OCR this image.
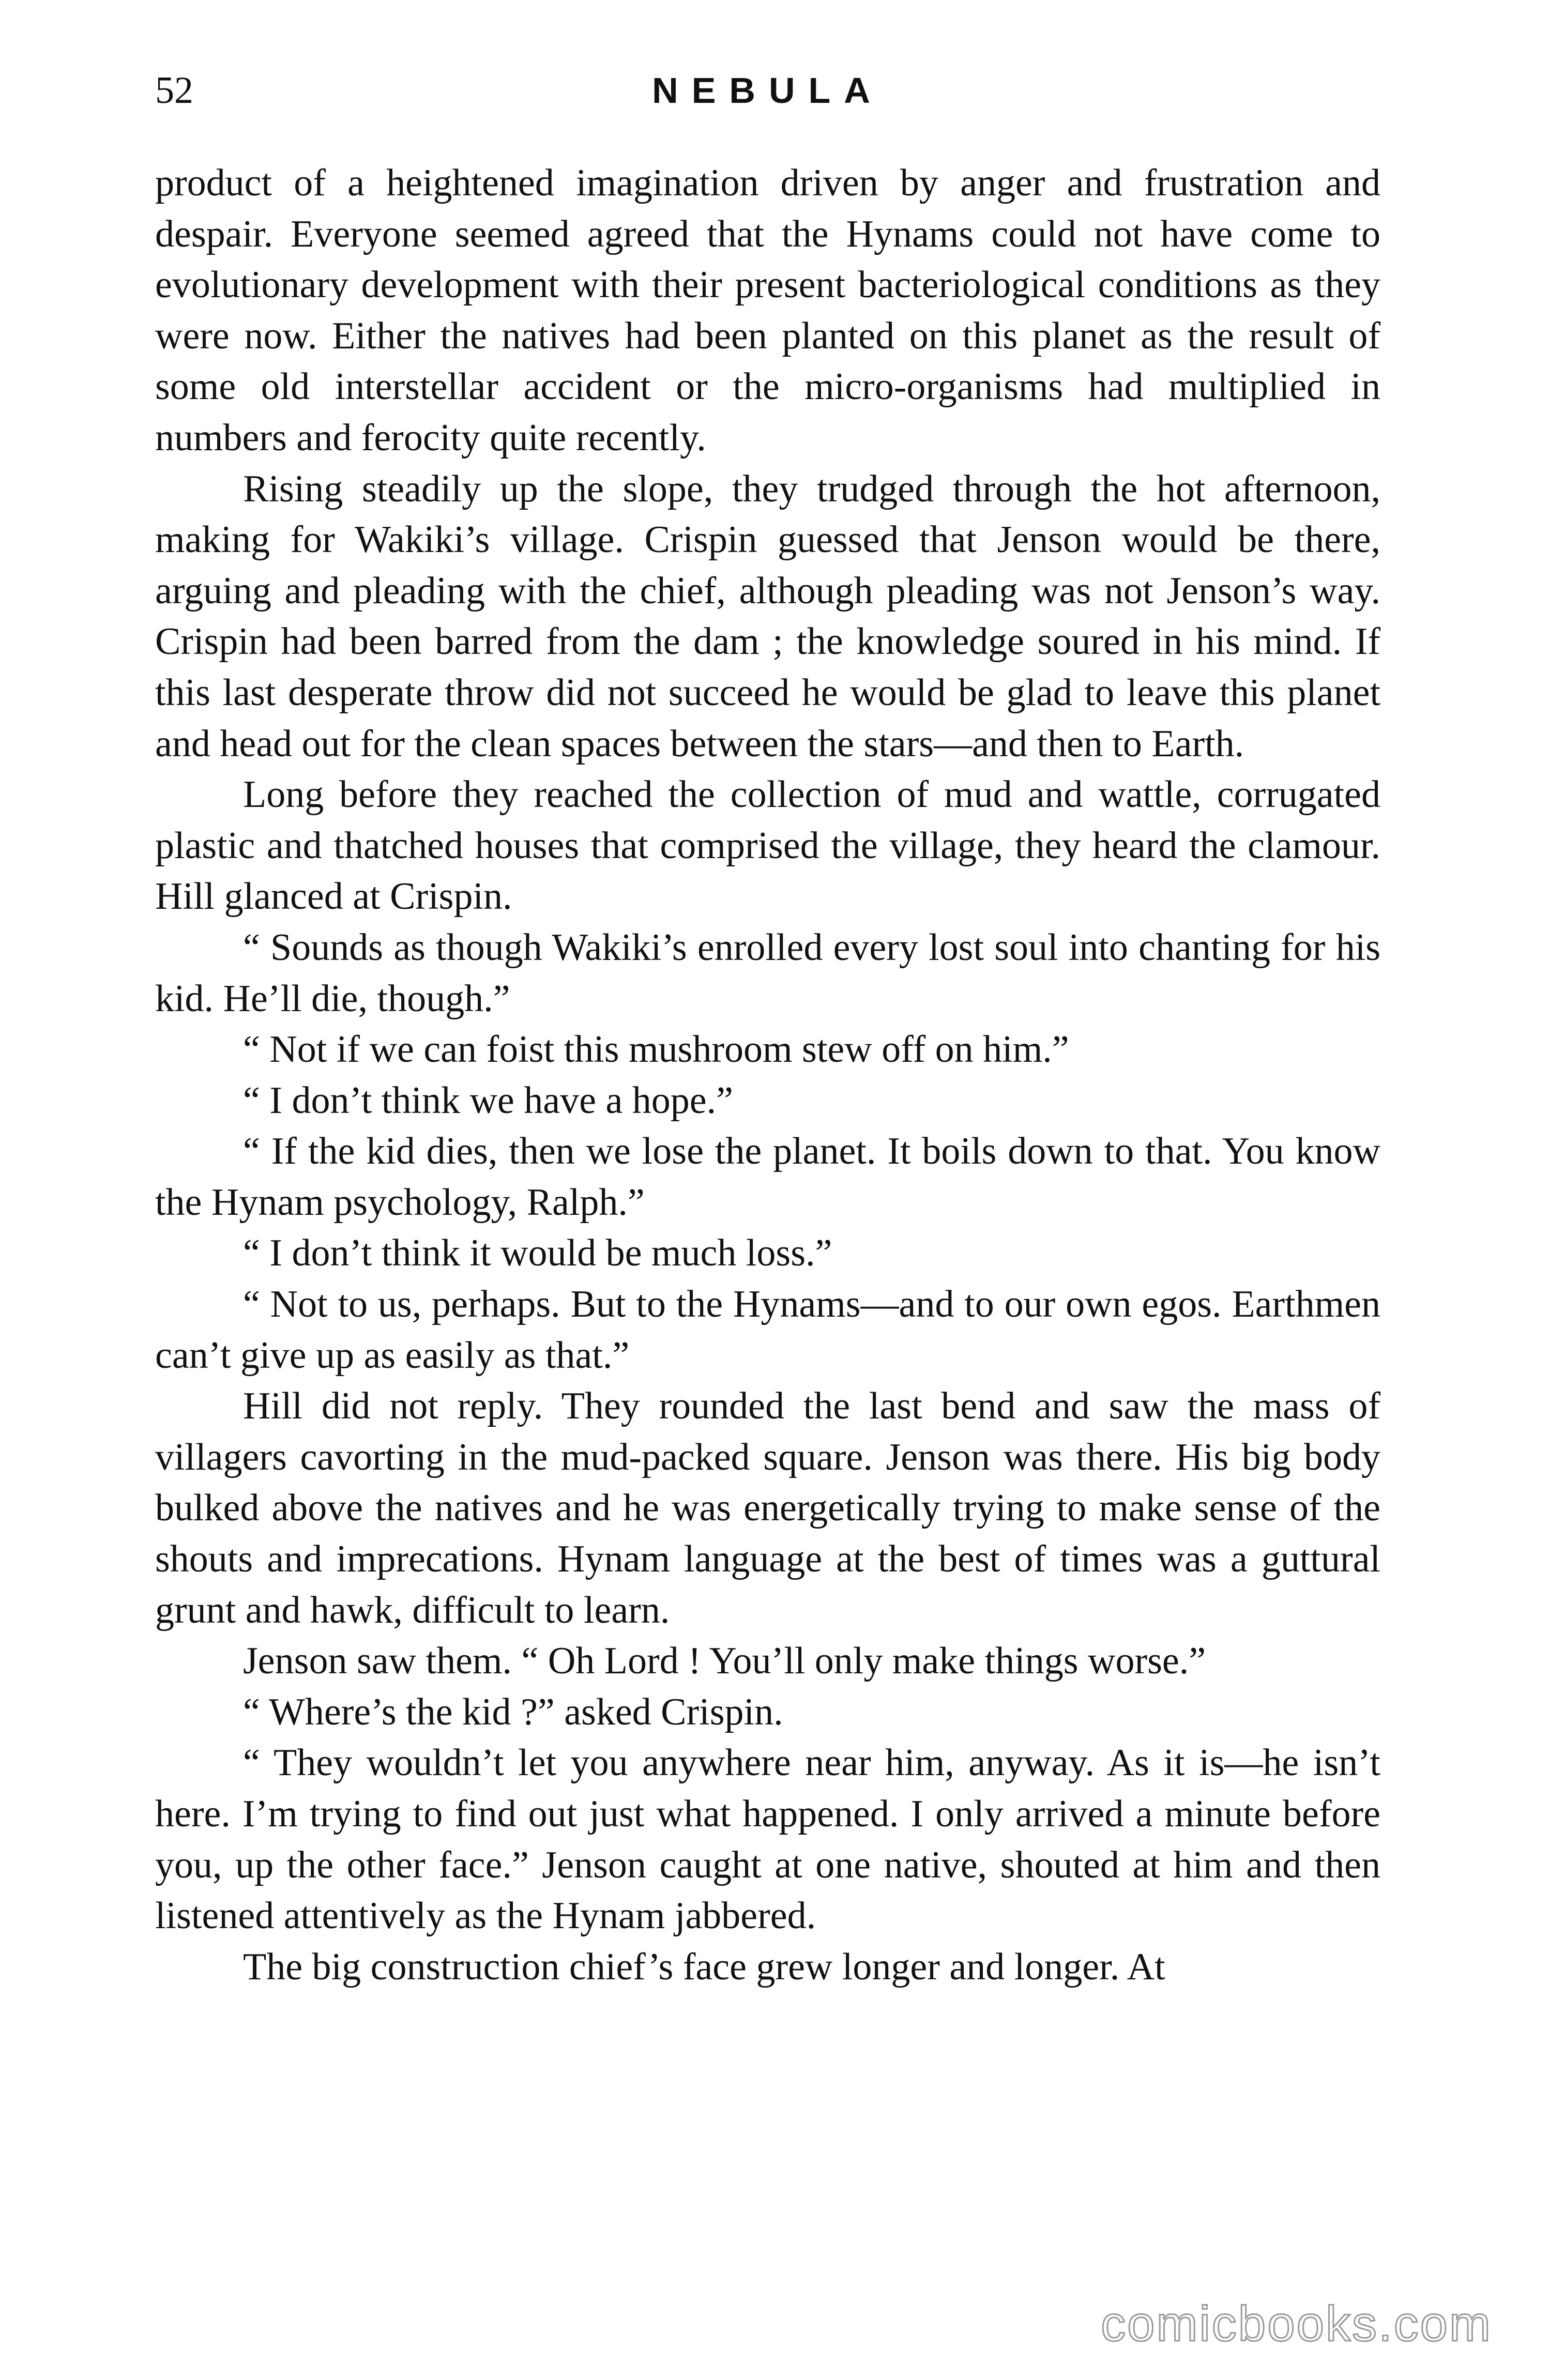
52	NEBULA

product of a heightened imagination driven by anger and frustration and despair. Everyone seemed agreed that the Hynams could not have come to evolutionary development with their present bacteriological conditions as they were now. Either the natives had been planted on this planet as the result of some old interstellar accident or the micro-organisms had multiplied in numbers and ferocity quite recently.

Rising steadily up the slope, they trudged through the hot afternoon, making for Wakiki’s village. Crispin guessed that Jenson would be there, arguing and pleading with the chief, although pleading was not Jenson’s way. Crispin had been barred from the dam ; the knowledge soured in his mind. If this last desperate throw did not succeed he would be glad to leave this planet and head out for the clean spaces between the stars—and then to Earth.

Long before they reached the collection of mud and wattle, corrugated plastic and thatched houses that comprised the village, they heard the clamour. Hill glanced at Crispin.

“ Sounds as though Wakiki’s enrolled every lost soul into chanting for his kid. He’ll die, though.”

“ Not if we can foist this mushroom stew off on him.”

“ I don’t think we have a hope.”

“ If the kid dies, then we lose the planet. It boils down to that. You know the Hynam psychology, Ralph.”

“ I don’t think it would be much loss.”

“ Not to us, perhaps. But to the Hynams—and to our own egos. Earthmen can’t give up as easily as that.”

Hill did not reply. They rounded the last bend and saw the mass of villagers cavorting in the mud-packed square. Jenson was there. His big body bulked above the natives and he was energetically trying to make sense of the shouts and imprecations. Hynam language at the best of times was a guttural grunt and hawk, difficult to learn.

Jenson saw them. “ Oh Lord ! You’ll only make things worse.”

“ Where’s the kid ?” asked Crispin.

“ They wouldn’t let you anywhere near him, anyway. As it is—he isn’t here. I’m trying to find out just what happened. I only arrived a minute before you, up the other face.” Jenson caught at one native, shouted at him and then listened attentively as the Hynam jabbered.

The big construction chief’s face grew longer and longer. At

comicbooks.com
